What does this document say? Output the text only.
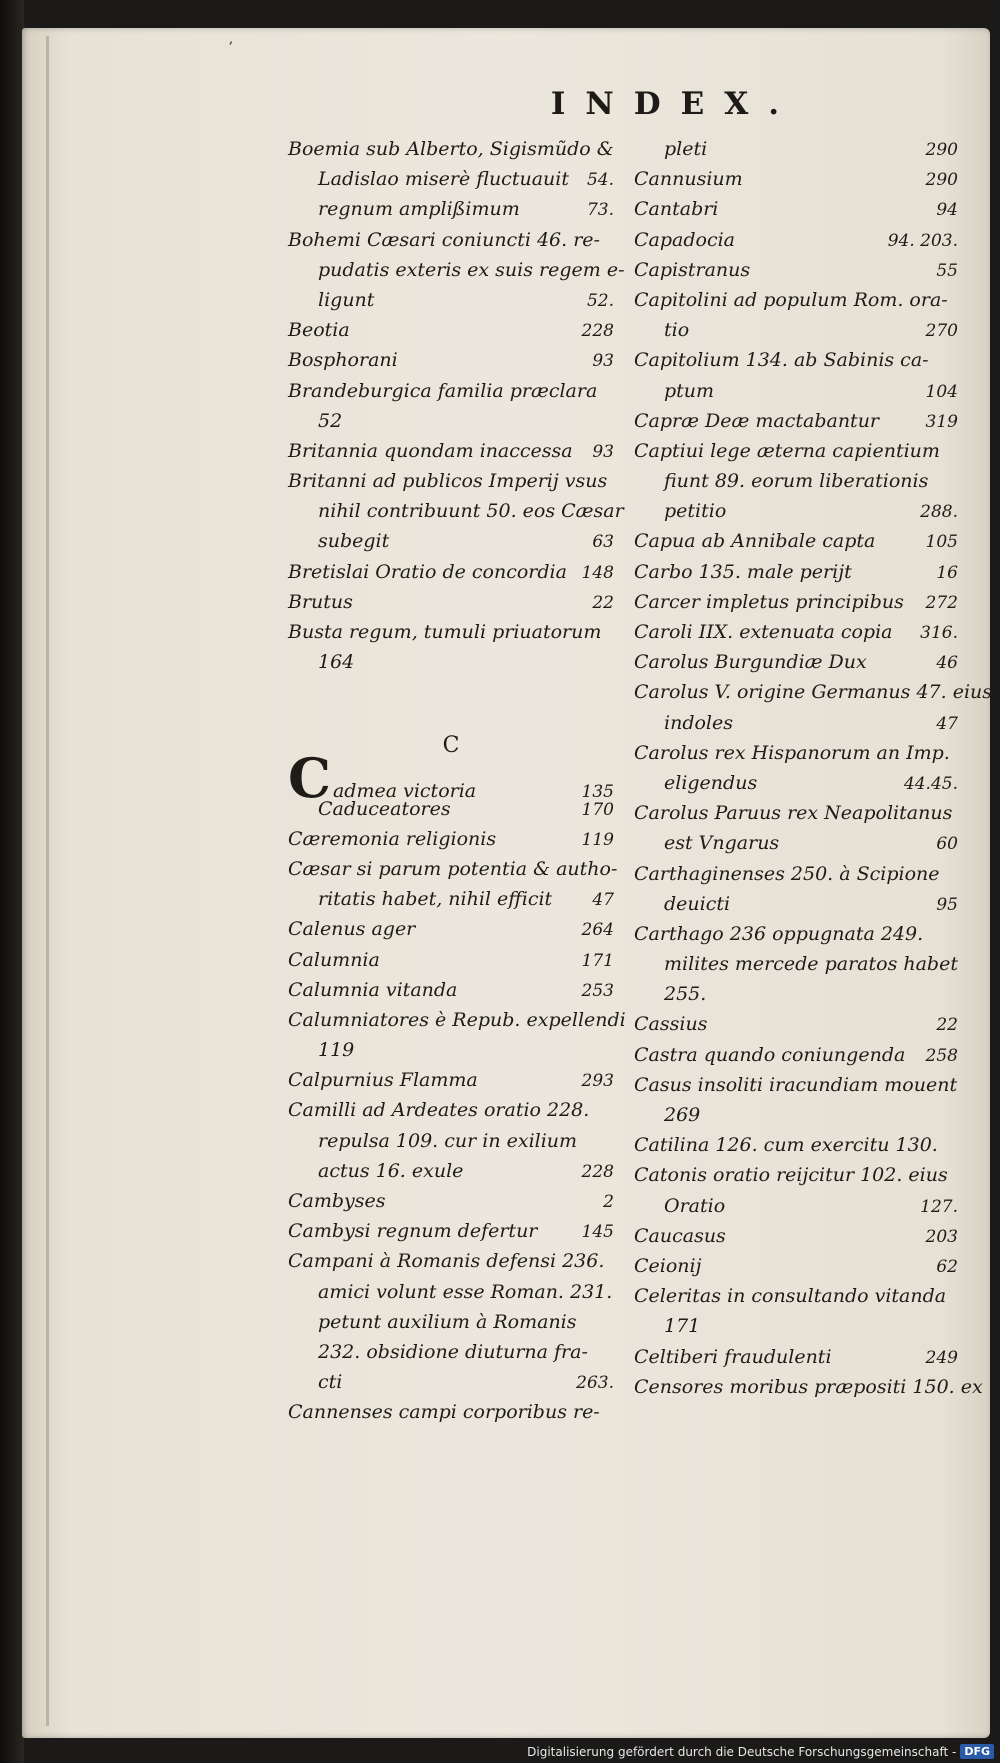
ʼ
INDEX.
Boemia sub Alberto, Sigismũdo &
Ladislao miserè fluctuauit	54.
regnum amplißimum	73.
Bohemi Cæsari coniuncti 46. re-
pudatis exteris ex suis regem e-
ligunt	52.
Beotia	228
Bosphorani	93
Brandeburgica familia præclara
52
Britannia quondam inaccessa	93
Britanni ad publicos Imperij vsus
nihil contribuunt 50. eos Cæsar
subegit	63
Bretislai Oratio de concordia 148
Brutus	22
Busta regum, tumuli priuatorum
164
C
Cadmea victoria	135
Caduceatores	170
Cæremonia religionis	119
Cæsar si parum potentia & autho-
ritatis habet, nihil efficit	47
Calenus ager	264
Calumnia	171
Calumnia vitanda	253
Calumniatores è Repub. expellendi
119
Calpurnius Flamma	293
Camilli ad Ardeates oratio 228.
repulsa 109. cur in exilium
actus 16. exule	228
Cambyses	2
Cambysi regnum defertur	145
Campani à Romanis defensi 236.
amici volunt esse Roman. 231.
petunt auxilium à Romanis
232. obsidione diuturna fra-
cti	263.
Cannenses campi corporibus re-
pleti	290
Cannusium	290
Cantabri	94
Capadocia	94. 203.
Capistranus	55
Capitolini ad populum Rom. ora-
tio	270
Capitolium 134. ab Sabinis ca-
ptum	104
Capræ Deæ mactabantur	319
Captiui lege æterna capientium
fiunt 89. eorum liberationis
petitio	288.
Capua ab Annibale capta	105
Carbo 135. male perijt	16
Carcer impletus principibus	272
Caroli IIX. extenuata copia	316.
Carolus Burgundiæ Dux	46
Carolus V. origine Germanus 47. eius
indoles	47
Carolus rex Hispanorum an Imp.
eligendus	44.45.
Carolus Paruus rex Neapolitanus
est Vngarus	60
Carthaginenses 250. à Scipione
deuicti	95
Carthago 236 oppugnata 249.
milites mercede paratos habet
255.
Cassius	22
Castra quando coniungenda	258
Casus insoliti iracundiam mouent
269
Catilina 126. cum exercitu 130.
Catonis oratio reijcitur 102. eius
Oratio	127.
Caucasus	203
Ceionij	62
Celeritas in consultando vitanda
171
Celtiberi fraudulenti	249
Censores moribus præpositi 150. ex
Digitalisierung gefördert durch die Deutsche Forschungsgemeinschaft - DFG
